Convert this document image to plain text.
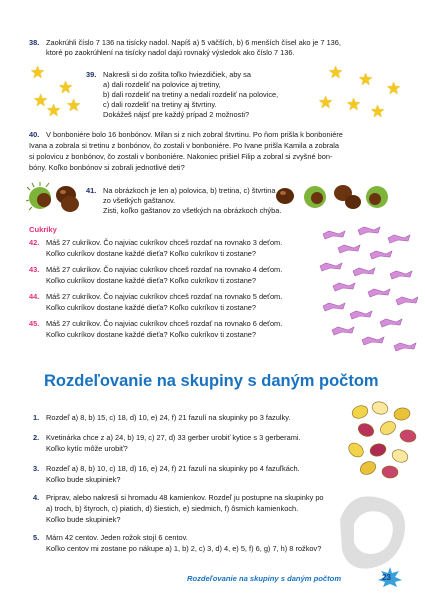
38. Zaokrúhli číslo 7 136 na tisícky nadol. Napíš a) 5 väčších, b) 6 menších čísel ako je 7 136,
ktoré po zaokrúhlení na tisícky nadol dajú rovnaký výsledok ako číslo 7 136.
★
★
★
★ ★
★ ★ ★
★ ★ ★
39. Nakresli si do zošita toľko hviezdičiek, aby sa
a) dali rozdeliť na polovice aj tretiny,
b) dali rozdeliť na tretiny a nedali rozdeliť na polovice,
c) dali rozdeliť na tretiny aj štvrtiny.
Dokážeš nájsť pre každý prípad 2 možnosti?
40. V bonboniére bolo 16 bonbónov. Milan si z nich zobral štvrtinu. Po ňom prišla k bonboniére
Ivana a zobrala si tretinu z bonbónov, čo zostali v bonboniére. Po Ivane prišla Kamila a zobrala
si polovicu z bonbónov, čo zostali v bonboniére. Nakoniec prišiel Filip a zobral si zvyšné bon-
bóny. Koľko bonbónov si zobrali jednotlivé deti?
41. Na obrázkoch je len a) polovica, b) tretina, c) štvrtina
zo všetkých gaštanov.
Zisti, koľko gaštanov zo všetkých na obrázkoch chýba.
Cukríky
42. Máš 27 cukríkov. Čo najviac cukríkov chceš rozdať na rovnako 3 deťom.
Koľko cukríkov dostane každé dieťa? Koľko cukríkov ti zostane?
43. Máš 27 cukríkov. Čo najviac cukríkov chceš rozdať na rovnako 4 deťom.
Koľko cukríkov dostane každé dieťa? Koľko cukríkov ti zostane?
44. Máš 27 cukríkov. Čo najviac cukríkov chceš rozdať na rovnako 5 deťom.
Koľko cukríkov dostane každé dieťa? Koľko cukríkov ti zostane?
45. Máš 27 cukríkov. Čo najviac cukríkov chceš rozdať na rovnako 6 deťom.
Koľko cukríkov dostane každé dieťa? Koľko cukríkov ti zostane?
Rozdeľovanie na skupiny s daným počtom
1. Rozdeľ a) 8, b) 15, c) 18, d) 10, e) 24, f) 21 fazulí na skupinky po 3 fazulky.
2. Kvetinárka chce z a) 24, b) 19, c) 27, d) 33 gerber urobiť kytice s 3 gerberami.
Koľko kytíc môže urobiť?
3. Rozdeľ a) 8, b) 10, c) 18, d) 16, e) 24, f) 21 fazulí na skupinky po 4 fazuľkách.
Koľko bude skupiniek?
4. Priprav, alebo nakresli si hromadu 48 kamienkov. Rozdeľ ju postupne na skupinky po
a) troch, b) štyroch, c) piatich, d) šiestich, e) siedmich, f) ôsmich kamienkoch.
Koľko bude skupiniek?
5. Márn 42 centov. Jeden rožok stojí 6 centov.
Koľko centov mi zostane po nákupe a) 1, b) 2, c) 3, d) 4, e) 5, f) 6, g) 7, h) 8 rožkov?
Rozdeľovanie na skupiny s daným počtom	23
